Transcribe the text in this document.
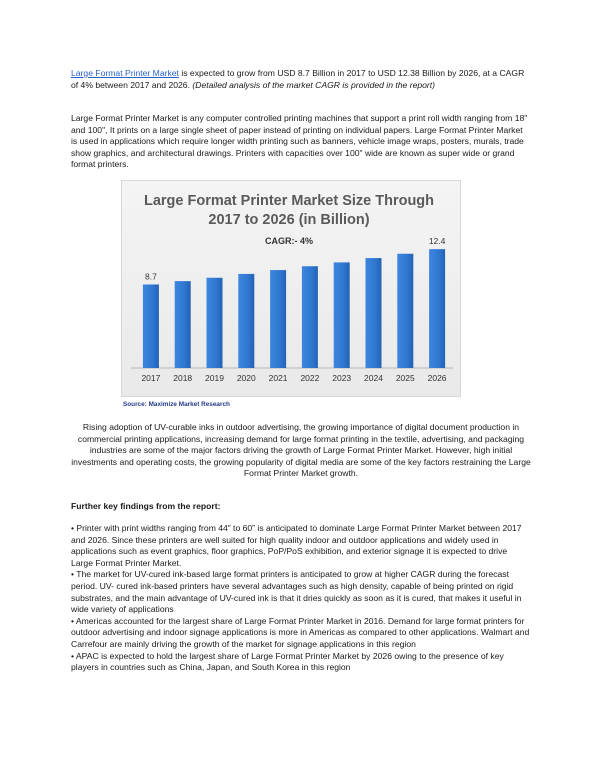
Large Format Printer Market is expected to grow from USD 8.7 Billion in 2017 to USD 12.38 Billion by 2026, at a CAGR of 4% between 2017 and 2026. (Detailed analysis of the market CAGR is provided in the report)

Large Format Printer Market is any computer controlled printing machines that support a print roll width ranging from 18" and 100", It prints on a large single sheet of paper instead of printing on individual papers. Large Format Printer Market is used in applications which require longer width printing such as banners, vehicle image wraps, posters, murals, trade show graphics, and architectural drawings. Printers with capacities over 100" wide are known as super wide or grand format printers.

Large Format Printer Market Size Through
2017 to 2026 (in Billion)
CAGR:- 4%
2017 2018 2019 2020 2021 2022 2023 2024 2025 2026
8.7
12.4
Source: Maximize Market Research

Rising adoption of UV-curable inks in outdoor advertising, the growing importance of digital document production in commercial printing applications, increasing demand for large format printing in the textile, advertising, and packaging industries are some of the major factors driving the growth of Large Format Printer Market. However, high initial investments and operating costs, the growing popularity of digital media are some of the key factors restraining the Large Format Printer Market growth.

Further key findings from the report:

• Printer with print widths ranging from 44” to 60” is anticipated to dominate Large Format Printer Market between 2017 and 2026. Since these printers are well suited for high quality indoor and outdoor applications and widely used in applications such as event graphics, floor graphics, PoP/PoS exhibition, and exterior signage it is expected to drive Large Format Printer Market.
• The market for UV-cured ink-based large format printers is anticipated to grow at higher CAGR during the forecast period. UV- cured ink-based printers have several advantages such as high density, capable of being printed on rigid substrates, and the main advantage of UV-cured ink is that it dries quickly as soon as it is cured, that makes it useful in wide variety of applications
• Americas accounted for the largest share of Large Format Printer Market in 2016. Demand for large format printers for outdoor advertising and indoor signage applications is more in Americas as compared to other applications. Walmart and Carrefour are mainly driving the growth of the market for signage applications in this region
• APAC is expected to hold the largest share of Large Format Printer Market by 2026 owing to the presence of key players in countries such as China, Japan, and South Korea in this region
